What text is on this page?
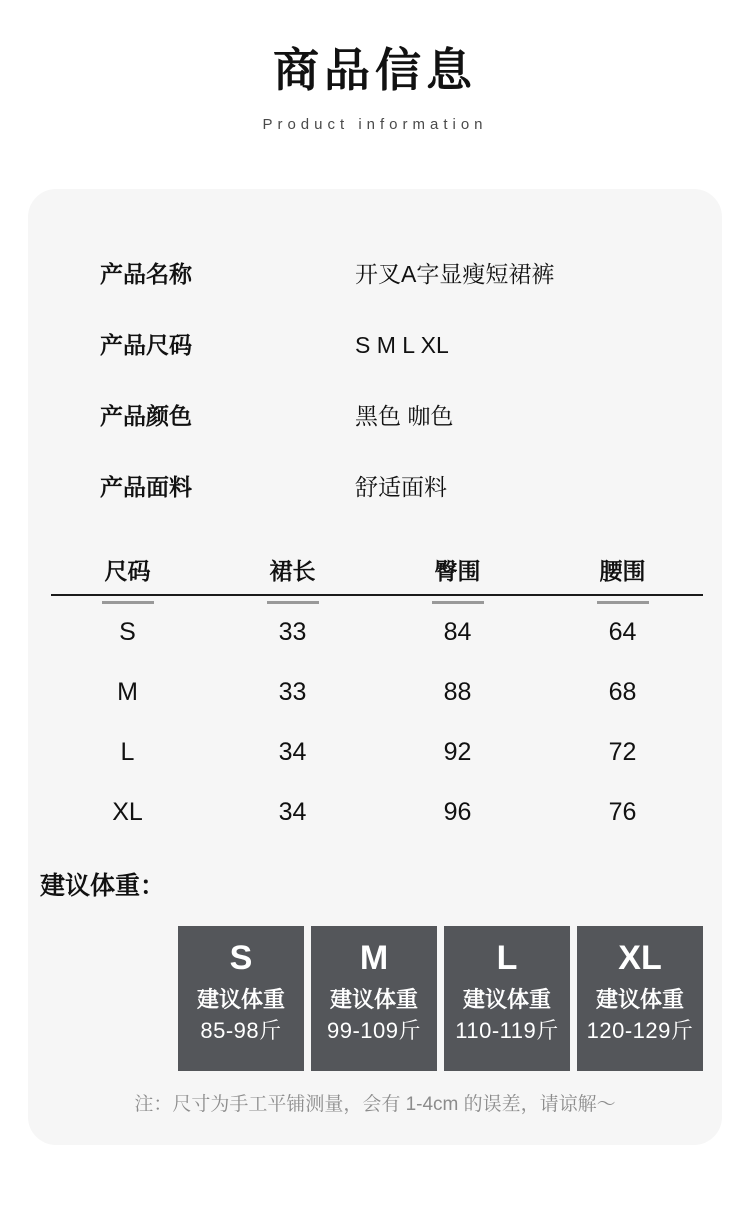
商品信息
Product information
产品名称	开叉A字显瘦短裙裤
产品尺码	S M L XL
产品颜色	黑色 咖色
产品面料	舒适面料
尺码	裙长	臀围	腰围
S	33	84	64
M	33	88	68
L	34	92	72
XL	34	96	76
建议体重：
S
建议体重
85-98斤
M
建议体重
99-109斤
L
建议体重
110-119斤
XL
建议体重
120-129斤
注：尺寸为手工平铺测量，会有 1-4cm 的误差，请谅解～
